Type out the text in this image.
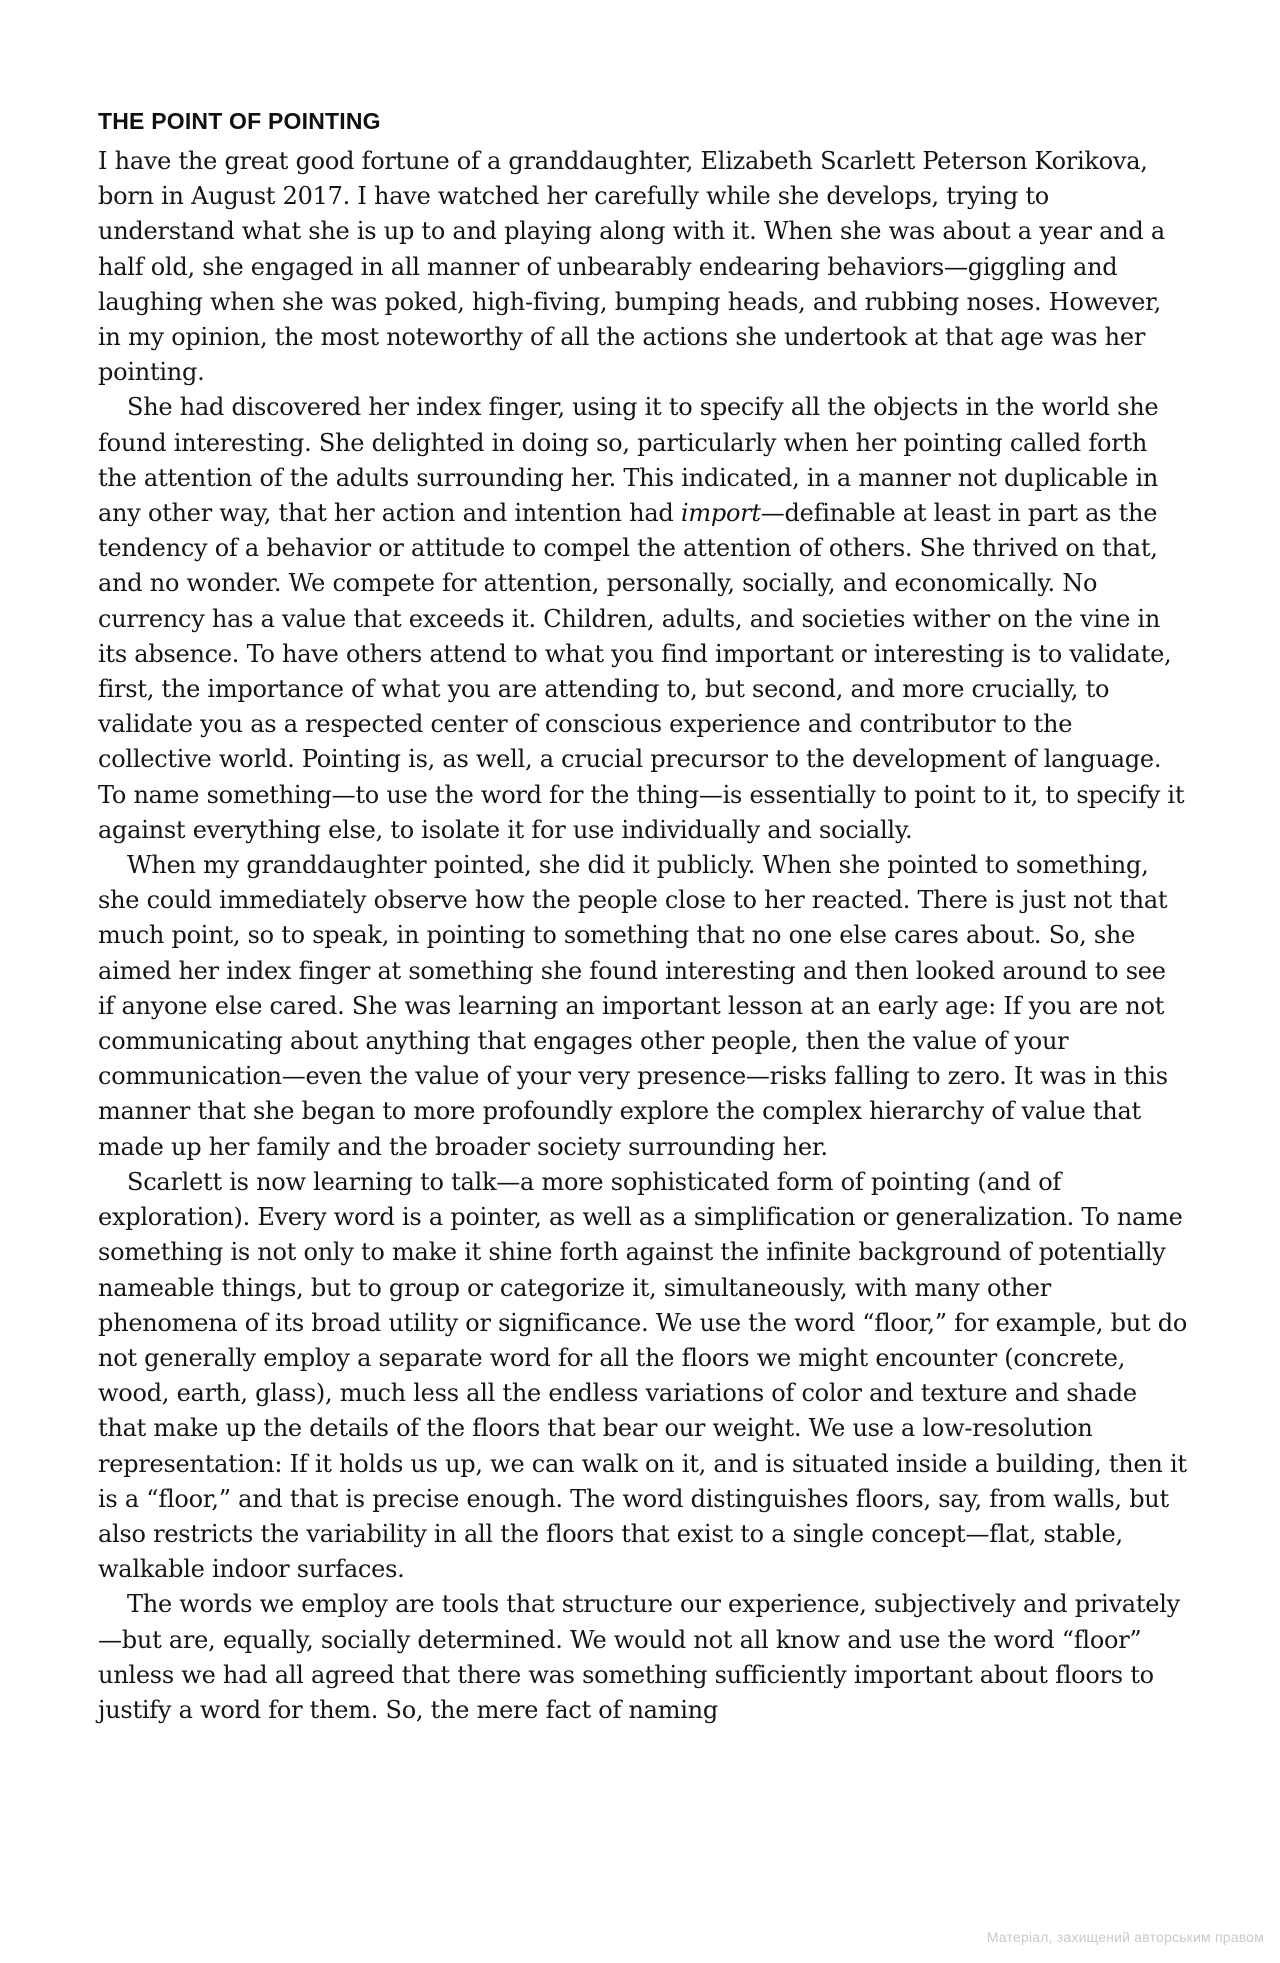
THE POINT OF POINTING

I have the great good fortune of a granddaughter, Elizabeth Scarlett Peterson Korikova, born in August 2017. I have watched her carefully while she develops, trying to understand what she is up to and playing along with it. When she was about a year and a half old, she engaged in all manner of unbearably endearing behaviors—giggling and laughing when she was poked, high-fiving, bumping heads, and rubbing noses. However, in my opinion, the most noteworthy of all the actions she undertook at that age was her pointing.

She had discovered her index finger, using it to specify all the objects in the world she found interesting. She delighted in doing so, particularly when her pointing called forth the attention of the adults surrounding her. This indicated, in a manner not duplicable in any other way, that her action and intention had import—definable at least in part as the tendency of a behavior or attitude to compel the attention of others. She thrived on that, and no wonder. We compete for attention, personally, socially, and economically. No currency has a value that exceeds it. Children, adults, and societies wither on the vine in its absence. To have others attend to what you find important or interesting is to validate, first, the importance of what you are attending to, but second, and more crucially, to validate you as a respected center of conscious experience and contributor to the collective world. Pointing is, as well, a crucial precursor to the development of language. To name something—to use the word for the thing—is essentially to point to it, to specify it against everything else, to isolate it for use individually and socially.

When my granddaughter pointed, she did it publicly. When she pointed to something, she could immediately observe how the people close to her reacted. There is just not that much point, so to speak, in pointing to something that no one else cares about. So, she aimed her index finger at something she found interesting and then looked around to see if anyone else cared. She was learning an important lesson at an early age: If you are not communicating about anything that engages other people, then the value of your communication—even the value of your very presence—risks falling to zero. It was in this manner that she began to more profoundly explore the complex hierarchy of value that made up her family and the broader society surrounding her.

Scarlett is now learning to talk—a more sophisticated form of pointing (and of exploration). Every word is a pointer, as well as a simplification or generalization. To name something is not only to make it shine forth against the infinite background of potentially nameable things, but to group or categorize it, simultaneously, with many other phenomena of its broad utility or significance. We use the word “floor,” for example, but do not generally employ a separate word for all the floors we might encounter (concrete, wood, earth, glass), much less all the endless variations of color and texture and shade that make up the details of the floors that bear our weight. We use a low-resolution representation: If it holds us up, we can walk on it, and is situated inside a building, then it is a “floor,” and that is precise enough. The word distinguishes floors, say, from walls, but also restricts the variability in all the floors that exist to a single concept—flat, stable, walkable indoor surfaces.

The words we employ are tools that structure our experience, subjectively and privately—but are, equally, socially determined. We would not all know and use the word “floor” unless we had all agreed that there was something sufficiently important about floors to justify a word for them. So, the mere fact of naming

Матеріал, захищений авторським правом
